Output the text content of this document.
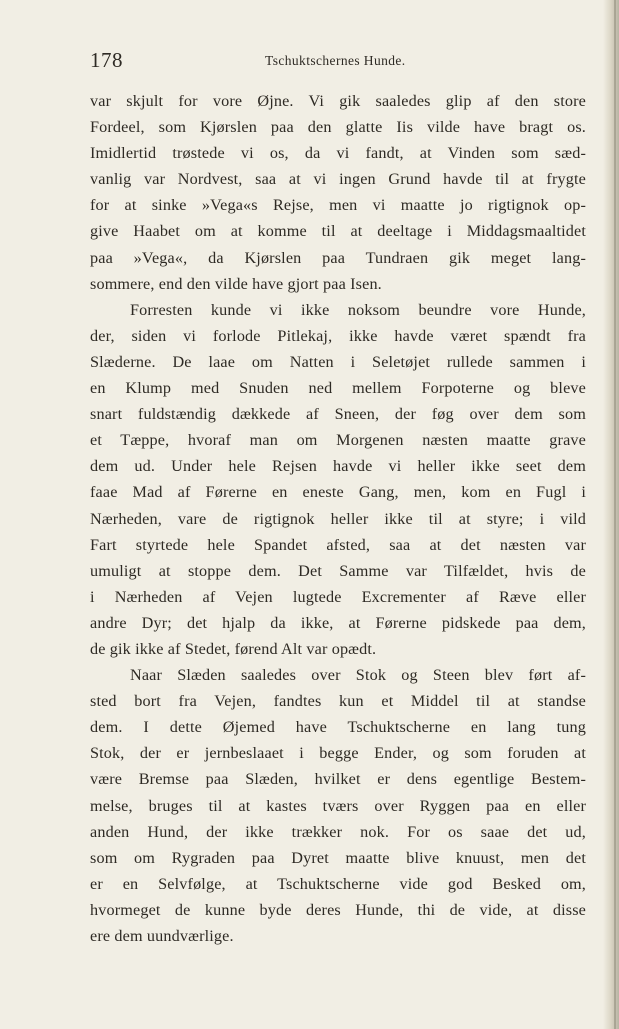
178	Tschuktschernes Hunde.
var skjult for vore Øjne. Vi gik saaledes glip af den store
Fordeel, som Kjørslen paa den glatte Iis vilde have bragt os.
Imidlertid trøstede vi os, da vi fandt, at Vinden som sæd-
vanlig var Nordvest, saa at vi ingen Grund havde til at frygte
for at sinke »Vega«s Rejse, men vi maatte jo rigtignok op-
give Haabet om at komme til at deeltage i Middagsmaaltidet
paa »Vega«, da Kjørslen paa Tundraen gik meget lang-
sommere, end den vilde have gjort paa Isen.
Forresten kunde vi ikke noksom beundre vore Hunde,
der, siden vi forlode Pitlekaj, ikke havde været spændt fra
Slæderne. De laae om Natten i Seletøjet rullede sammen i
en Klump med Snuden ned mellem Forpoterne og bleve
snart fuldstændig dækkede af Sneen, der føg over dem som
et Tæppe, hvoraf man om Morgenen næsten maatte grave
dem ud. Under hele Rejsen havde vi heller ikke seet dem
faae Mad af Førerne en eneste Gang, men, kom en Fugl i
Nærheden, vare de rigtignok heller ikke til at styre; i vild
Fart styrtede hele Spandet afsted, saa at det næsten var
umuligt at stoppe dem. Det Samme var Tilfældet, hvis de
i Nærheden af Vejen lugtede Excrementer af Ræve eller
andre Dyr; det hjalp da ikke, at Førerne pidskede paa dem,
de gik ikke af Stedet, førend Alt var opædt.
Naar Slæden saaledes over Stok og Steen blev ført af-
sted bort fra Vejen, fandtes kun et Middel til at standse
dem. I dette Øjemed have Tschuktscherne en lang tung
Stok, der er jernbeslaaet i begge Ender, og som foruden at
være Bremse paa Slæden, hvilket er dens egentlige Bestem-
melse, bruges til at kastes tværs over Ryggen paa en eller
anden Hund, der ikke trækker nok. For os saae det ud,
som om Rygraden paa Dyret maatte blive knuust, men det
er en Selvfølge, at Tschuktscherne vide god Besked om,
hvormeget de kunne byde deres Hunde, thi de vide, at disse
ere dem uundværlige.
